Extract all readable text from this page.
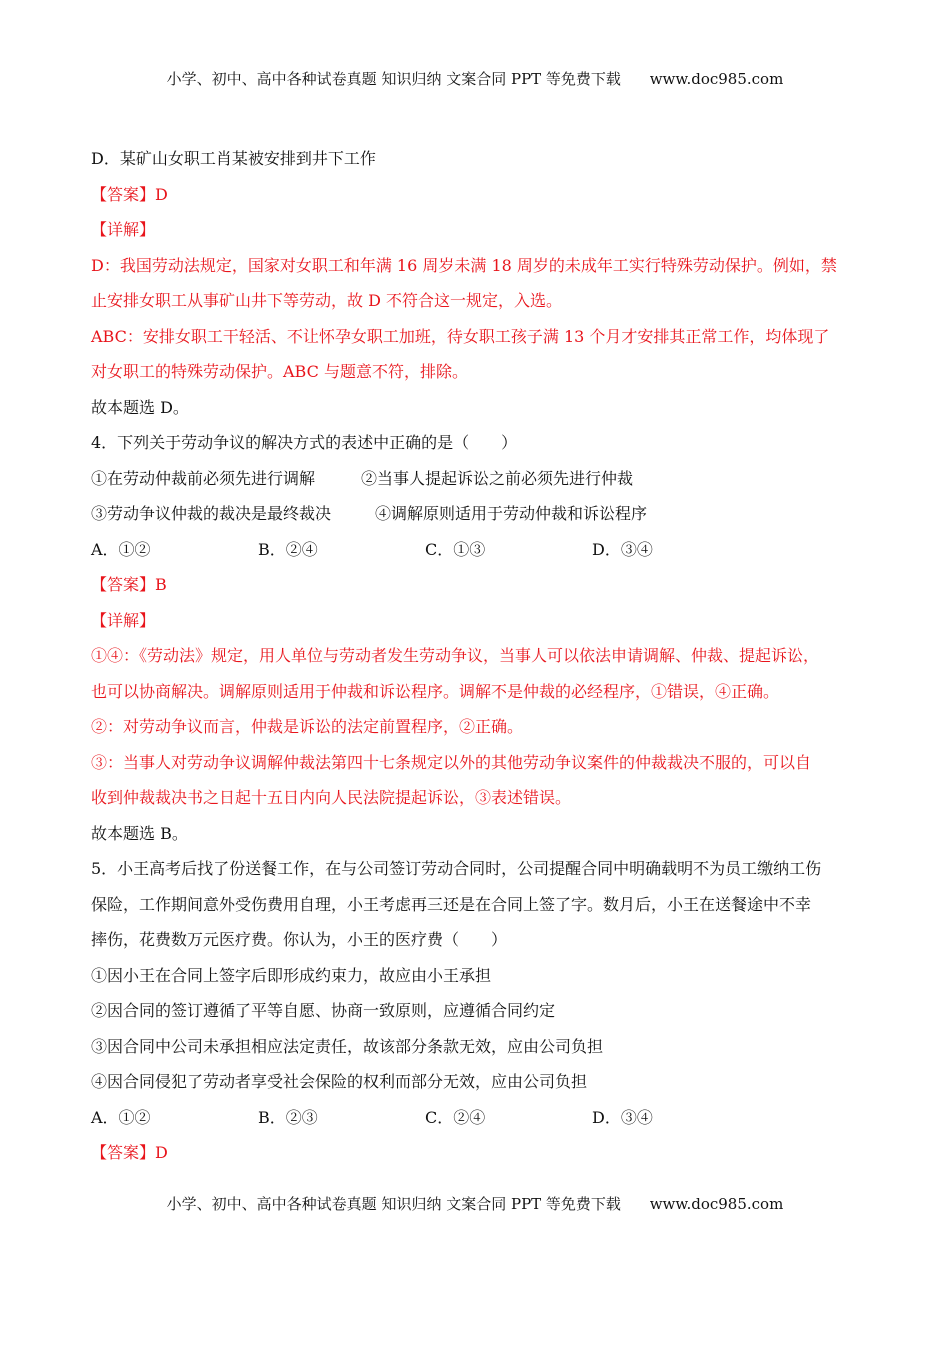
小学、初中、高中各种试卷真题 知识归纳 文案合同 PPT 等免费下载 www.doc985.com
D．某矿山女职工肖某被安排到井下工作
【答案】D
【详解】
D：我国劳动法规定，国家对女职工和年满 16 周岁未满 18 周岁的未成年工实行特殊劳动保护。例如，禁
止安排女职工从事矿山井下等劳动，故 D 不符合这一规定，入选。
ABC：安排女职工干轻活、不让怀孕女职工加班，待女职工孩子满 13 个月才安排其正常工作，均体现了
对女职工的特殊劳动保护。ABC 与题意不符，排除。
故本题选 D。
4．下列关于劳动争议的解决方式的表述中正确的是（　　）
①在劳动仲裁前必须先进行调解	②当事人提起诉讼之前必须先进行仲裁
③劳动争议仲裁的裁决是最终裁决	④调解原则适用于劳动仲裁和诉讼程序
A．①②	B．②④	C．①③	D．③④
【答案】B
【详解】
①④：《劳动法》规定，用人单位与劳动者发生劳动争议，当事人可以依法申请调解、仲裁、提起诉讼，
也可以协商解决。调解原则适用于仲裁和诉讼程序。调解不是仲裁的必经程序，①错误，④正确。
②：对劳动争议而言，仲裁是诉讼的法定前置程序，②正确。
③：当事人对劳动争议调解仲裁法第四十七条规定以外的其他劳动争议案件的仲裁裁决不服的，可以自
收到仲裁裁决书之日起十五日内向人民法院提起诉讼，③表述错误。
故本题选 B。
5．小王高考后找了份送餐工作，在与公司签订劳动合同时，公司提醒合同中明确载明不为员工缴纳工伤
保险，工作期间意外受伤费用自理，小王考虑再三还是在合同上签了字。数月后，小王在送餐途中不幸
摔伤，花费数万元医疗费。你认为，小王的医疗费（　　）
①因小王在合同上签字后即形成约束力，故应由小王承担
②因合同的签订遵循了平等自愿、协商一致原则，应遵循合同约定
③因合同中公司未承担相应法定责任，故该部分条款无效，应由公司负担
④因合同侵犯了劳动者享受社会保险的权利而部分无效，应由公司负担
A．①②	B．②③	C．②④	D．③④
【答案】D
小学、初中、高中各种试卷真题 知识归纳 文案合同 PPT 等免费下载 www.doc985.com
